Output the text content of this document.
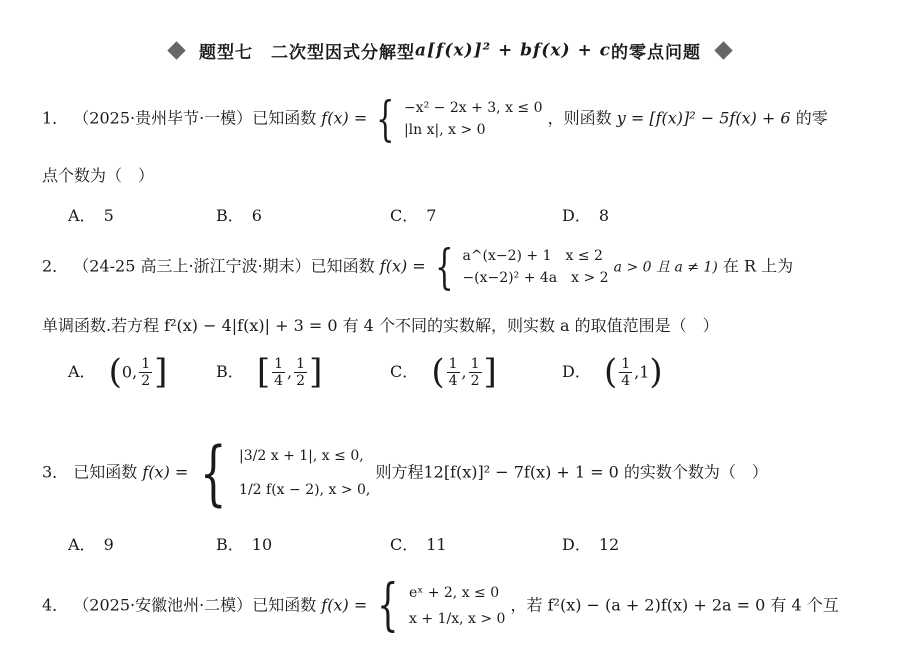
题型七　二次型因式分解型a[f(x)]² + bf(x) + c的零点问题
1． （2025·贵州毕节·一模）已知函数 f(x) = { −x² − 2x + 3, x ≤ 0
|ln x|, x > 0
，则函数 y = [f(x)]² − 5f(x) + 6 的零
点个数为（　）
A． 5	B． 6	C． 7	D． 8
2． （24-25 高三上·浙江宁波·期末）已知函数 f(x) = { a^(x−2) + 1　x ≤ 2
−(x−2)² + 4a　x > 2
a > 0 且 a ≠ 1) 在 R 上为
单调函数.若方程 f²(x) − 4|f(x)| + 3 = 0 有 4 个不同的实数解，则实数 a 的取值范围是（　）
A． (0, $\frac{1}{2}$ ]	B． [ $\frac{1}{4}$ , $\frac{1}{2}$ ]	C． ( $\frac{1}{4}$ , $\frac{1}{2}$ ]	D． ( $\frac{1}{4} ,1$)
3． 已知函数 f(x) = { |3/2 x + 1|, x ≤ 0,
1/2 f(x − 2), x > 0,
则方程12[f(x)]² − 7f(x) + 1 = 0 的实数个数为（　）
A． 9	B． 10	C． 11	D． 12
4． （2025·安徽池州·二模）已知函数 f(x) = { eˣ + 2, x ≤ 0
x + 1/x, x > 0
，若 f²(x) − (a + 2)f(x) + 2a = 0 有 4 个互
